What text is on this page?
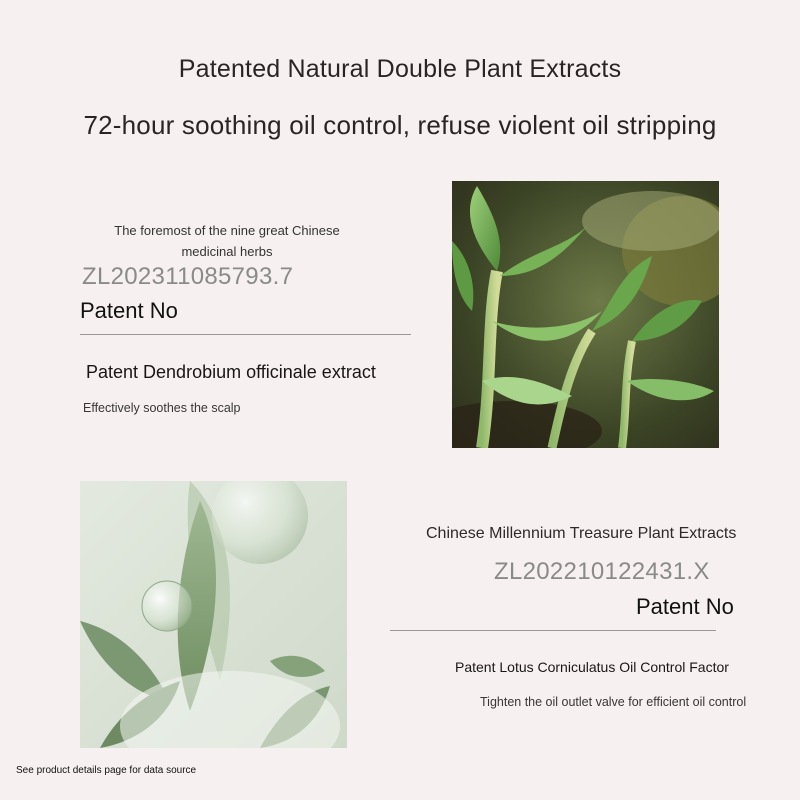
Patented Natural Double Plant Extracts
72-hour soothing oil control, refuse violent oil stripping
The foremost of the nine great Chinese medicinal herbs
ZL202311085793.7
Patent No
Patent Dendrobium officinale extract
Effectively soothes the scalp
Chinese Millennium Treasure Plant Extracts
ZL202210122431.X
Patent No
Patent Lotus Corniculatus Oil Control Factor
Tighten the oil outlet valve for efficient oil control
See product details page for data source
